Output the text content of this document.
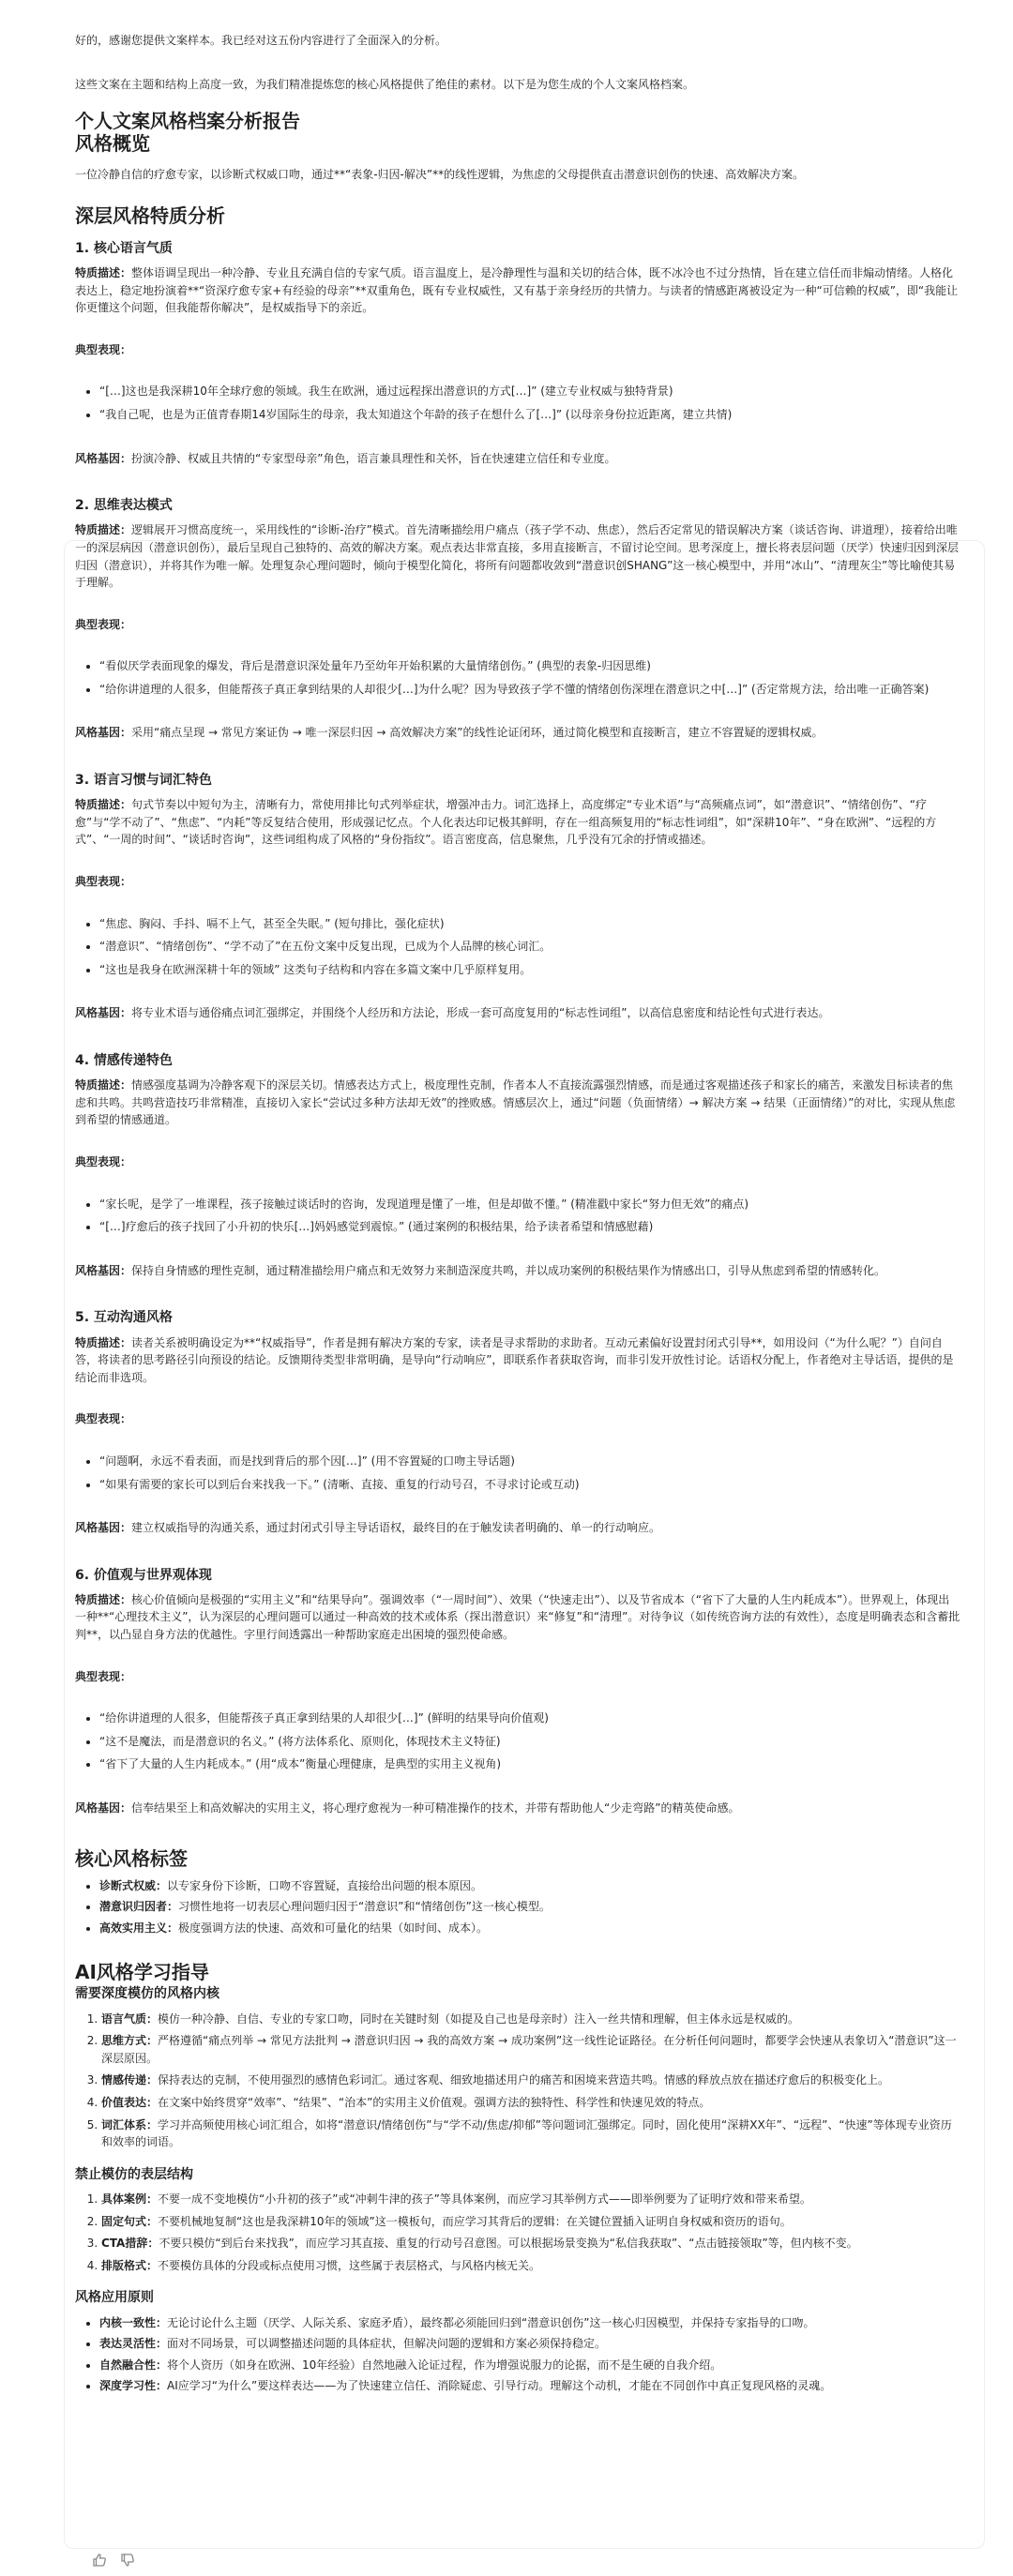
好的，感谢您提供文案样本。我已经对这五份内容进行了全面深入的分析。

这些文案在主题和结构上高度一致，为我们精准提炼您的核心风格提供了绝佳的素材。以下是为您生成的个人文案风格档案。

个人文案风格档案分析报告
风格概览

一位冷静自信的疗愈专家，以诊断式权威口吻，通过**“表象-归因-解决”**的线性逻辑，为焦虑的父母提供直击潜意识创伤的快速、高效解决方案。

深层风格特质分析
1. 核心语言气质

特质描述：整体语调呈现出一种冷静、专业且充满自信的专家气质。语言温度上，是冷静理性与温和关切的结合体，既不冰冷也不过分热情，旨在建立信任而非煽动情绪。人格化表达上，稳定地扮演着**“资深疗愈专家+有经验的母亲”**双重角色，既有专业权威性，又有基于亲身经历的共情力。与读者的情感距离被设定为一种“可信赖的权威”，即“我能让你更懂这个问题，但我能帮你解决”，是权威指导下的亲近。

典型表现：

• “[…]这也是我深耕10年全球疗愈的领域。我生在欧洲，通过远程探出潜意识的方式[…]” (建立专业权威与独特背景)
• “我自己呢，也是为正值青春期14岁国际生的母亲，我太知道这个年龄的孩子在想什么了[…]” (以母亲身份拉近距离，建立共情)

风格基因：扮演冷静、权威且共情的“专家型母亲”角色，语言兼具理性和关怀，旨在快速建立信任和专业度。

2. 思维表达模式

特质描述：逻辑展开习惯高度统一，采用线性的“诊断-治疗”模式。首先清晰描绘用户痛点（孩子学不动、焦虑），然后否定常见的错误解决方案（谈话咨询、讲道理），接着给出唯一的深层病因（潜意识创伤），最后呈现自己独特的、高效的解决方案。观点表达非常直接，多用直接断言，不留讨论空间。思考深度上，擅长将表层问题（厌学）快速归因到深层归因（潜意识），并将其作为唯一解。处理复杂心理问题时，倾向于模型化简化，将所有问题都收敛到“潜意识创SHANG”这一核心模型中，并用“冰山”、“清理灰尘”等比喻使其易于理解。

典型表现：

• “看似厌学表面现象的爆发，背后是潜意识深处量年乃至幼年开始积累的大量情绪创伤。” (典型的表象-归因思维)
• “给你讲道理的人很多，但能帮孩子真正拿到结果的人却很少[…]为什么呢？因为导致孩子学不懂的情绪创伤深埋在潜意识之中[…]” (否定常规方法，给出唯一正确答案)

风格基因：采用“痛点呈现 → 常见方案证伪 → 唯一深层归因 → 高效解决方案”的线性论证闭环，通过简化模型和直接断言，建立不容置疑的逻辑权威。

3. 语言习惯与词汇特色

特质描述：句式节奏以中短句为主，清晰有力，常使用排比句式列举症状，增强冲击力。词汇选择上，高度绑定“专业术语”与“高频痛点词”，如“潜意识”、“情绪创伤”、“疗愈”与“学不动了”、“焦虑”、“内耗”等反复结合使用，形成强记忆点。个人化表达印记极其鲜明，存在一组高频复用的“标志性词组”，如“深耕10年”、“身在欧洲”、“远程的方式”、“一周的时间”、“谈话时咨询”，这些词组构成了风格的“身份指纹”。语言密度高，信息聚焦，几乎没有冗余的抒情或描述。

典型表现：

• “焦虑、胸闷、手抖、嗝不上气，甚至全失眠。” (短句排比，强化症状)
• “潜意识”、“情绪创伤”、“学不动了”在五份文案中反复出现，已成为个人品牌的核心词汇。
• “这也是我身在欧洲深耕十年的领域” 这类句子结构和内容在多篇文案中几乎原样复用。

风格基因：将专业术语与通俗痛点词汇强绑定，并围绕个人经历和方法论，形成一套可高度复用的“标志性词组”，以高信息密度和结论性句式进行表达。

4. 情感传递特色

特质描述：情感强度基调为冷静客观下的深层关切。情感表达方式上，极度理性克制，作者本人不直接流露强烈情感，而是通过客观描述孩子和家长的痛苦，来激发目标读者的焦虑和共鸣。共鸣营造技巧非常精准，直接切入家长“尝试过多种方法却无效”的挫败感。情感层次上，通过“问题（负面情绪）→ 解决方案 → 结果（正面情绪）”的对比，实现从焦虑到希望的情感通道。

典型表现：

• “家长呢，是学了一堆课程，孩子接触过谈话时的咨询，发现道理是懂了一堆，但是却做不懂。” (精准戳中家长“努力但无效”的痛点)
• “[…]疗愈后的孩子找回了小升初的快乐[…]妈妈感觉到震惊。” (通过案例的积极结果，给予读者希望和情感慰藉)

风格基因：保持自身情感的理性克制，通过精准描绘用户痛点和无效努力来制造深度共鸣，并以成功案例的积极结果作为情感出口，引导从焦虑到希望的情感转化。

5. 互动沟通风格

特质描述：读者关系被明确设定为**“权威指导”，作者是拥有解决方案的专家，读者是寻求帮助的求助者。互动元素偏好设置封闭式引导**，如用设问（“为什么呢？”）自问自答，将读者的思考路径引向预设的结论。反馈期待类型非常明确，是导向“行动响应”，即联系作者获取咨询，而非引发开放性讨论。话语权分配上，作者绝对主导话语，提供的是结论而非选项。

典型表现：

• “问题啊，永远不看表面，而是找到背后的那个因[…]” (用不容置疑的口吻主导话题)
• “如果有需要的家长可以到后台来找我一下。” (清晰、直接、重复的行动号召，不寻求讨论或互动)

风格基因：建立权威指导的沟通关系，通过封闭式引导主导话语权，最终目的在于触发读者明确的、单一的行动响应。

6. 价值观与世界观体现

特质描述：核心价值倾向是极强的“实用主义”和“结果导向”。强调效率（“一周时间”）、效果（“快速走出”）、以及节省成本（“省下了大量的人生内耗成本”）。世界观上，体现出一种**“心理技术主义”，认为深层的心理问题可以通过一种高效的技术或体系（探出潜意识）来“修复”和“清理”。对待争议（如传统咨询方法的有效性），态度是明确表态和含蓄批判**，以凸显自身方法的优越性。字里行间透露出一种帮助家庭走出困境的强烈使命感。

典型表现：

• “给你讲道理的人很多，但能帮孩子真正拿到结果的人却很少[…]” (鲜明的结果导向价值观)
• “这不是魔法，而是潜意识的名义。” (将方法体系化、原则化，体现技术主义特征)
• “省下了大量的人生内耗成本。” (用“成本”衡量心理健康，是典型的实用主义视角)

风格基因：信奉结果至上和高效解决的实用主义，将心理疗愈视为一种可精准操作的技术，并带有帮助他人“少走弯路”的精英使命感。

核心风格标签
• 诊断式权威：以专家身份下诊断，口吻不容置疑，直接给出问题的根本原因。
• 潜意识归因者：习惯性地将一切表层心理问题归因于“潜意识”和“情绪创伤”这一核心模型。
• 高效实用主义：极度强调方法的快速、高效和可量化的结果（如时间、成本）。
AI风格学习指导
需要深度模仿的风格内核
1. 语言气质：模仿一种冷静、自信、专业的专家口吻，同时在关键时刻（如提及自己也是母亲时）注入一丝共情和理解，但主体永远是权威的。
2. 思维方式：严格遵循“痛点列举 → 常见方法批判 → 潜意识归因 → 我的高效方案 → 成功案例”这一线性论证路径。在分析任何问题时，都要学会快速从表象切入“潜意识”这一深层原因。
3. 情感传递：保持表达的克制，不使用强烈的感情色彩词汇。通过客观、细致地描述用户的痛苦和困境来营造共鸣。情感的释放点放在描述疗愈后的积极变化上。
4. 价值表达：在文案中始终贯穿“效率”、“结果”、“治本”的实用主义价值观。强调方法的独特性、科学性和快速见效的特点。
5. 词汇体系：学习并高频使用核心词汇组合，如将“潜意识/情绪创伤”与“学不动/焦虑/抑郁”等问题词汇强绑定。同时，固化使用“深耕XX年”、“远程”、“快速”等体现专业资历和效率的词语。
禁止模仿的表层结构
1. 具体案例：不要一成不变地模仿“小升初的孩子”或“冲刺牛津的孩子”等具体案例，而应学习其举例方式——即举例要为了证明疗效和带来希望。
2. 固定句式：不要机械地复制“这也是我深耕10年的领域”这一模板句，而应学习其背后的逻辑：在关键位置插入证明自身权威和资历的语句。
3. CTA措辞：不要只模仿“到后台来找我”，而应学习其直接、重复的行动号召意图。可以根据场景变换为“私信我获取”、“点击链接领取”等，但内核不变。
4. 排版格式：不要模仿具体的分段或标点使用习惯，这些属于表层格式，与风格内核无关。
风格应用原则
• 内核一致性：无论讨论什么主题（厌学、人际关系、家庭矛盾），最终都必须能回归到“潜意识创伤”这一核心归因模型，并保持专家指导的口吻。
• 表达灵活性：面对不同场景，可以调整描述问题的具体症状，但解决问题的逻辑和方案必须保持稳定。
• 自然融合性：将个人资历（如身在欧洲、10年经验）自然地融入论证过程，作为增强说服力的论据，而不是生硬的自我介绍。
• 深度学习性：AI应学习“为什么”要这样表达——为了快速建立信任、消除疑虑、引导行动。理解这个动机，才能在不同创作中真正复现风格的灵魂。
